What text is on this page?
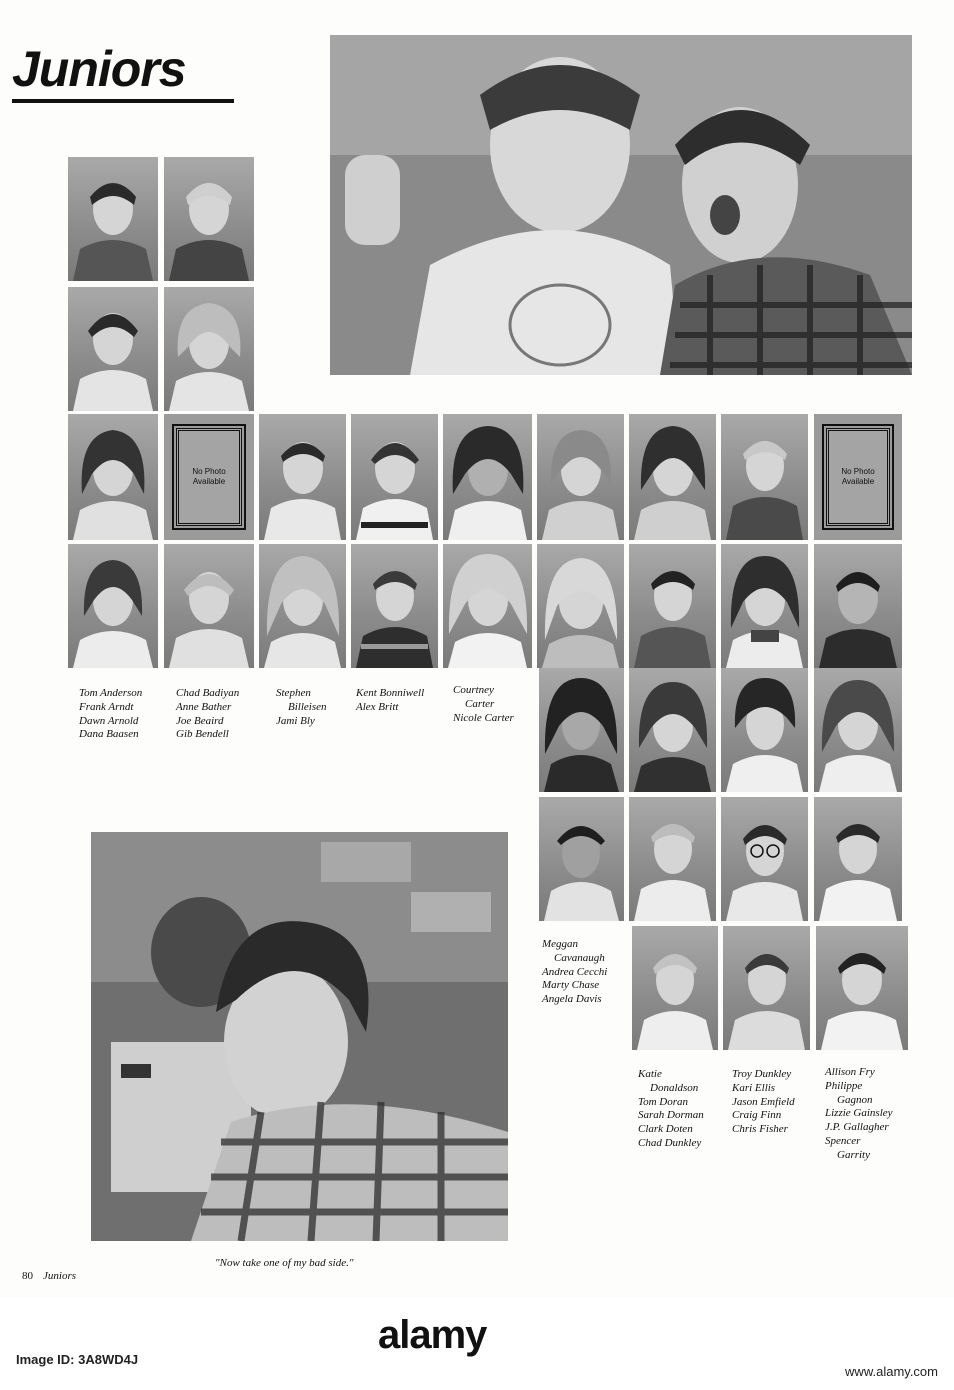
Juniors
No Photo Available
No Photo Available
Tom Anderson
Frank Arndt
Dawn Arnold
Dana Baasen
Chad Badiyan
Anne Bather
Joe Beaird
Gib Bendell
Stephen
Billeisen
Jami Bly
Kent Bonniwell
Alex Britt
Courtney
Carter
Nicole Carter
Meggan
Cavanaugh
Andrea Cecchi
Marty Chase
Angela Davis
Katie
Donaldson
Tom Doran
Sarah Dorman
Clark Doten
Chad Dunkley
Troy Dunkley
Kari Ellis
Jason Emfield
Craig Finn
Chris Fisher
Allison Fry
Philippe
Gagnon
Lizzie Gainsley
J.P. Gallagher
Spencer
Garrity
"Now take one of my bad side."
80 Juniors
alamy
Image ID: 3A8WD4J
www.alamy.com
